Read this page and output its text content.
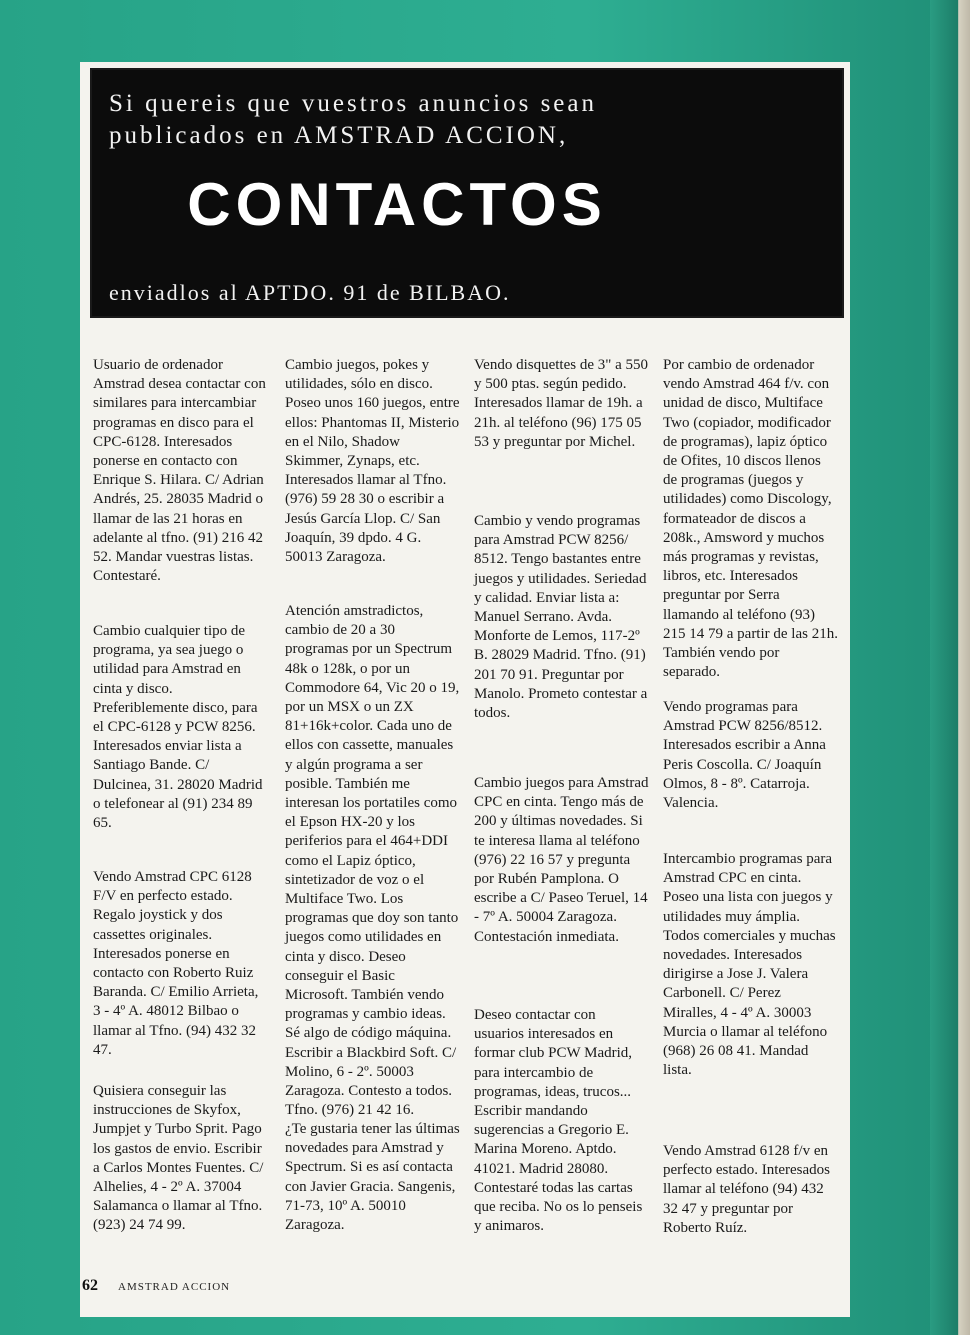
Si quereis que vuestros anuncios sean
publicados en AMSTRAD ACCION,
CONTACTOS
enviadlos al APTDO. 91 de BILBAO.
Usuario de ordenador Amstrad desea contactar con similares para intercambiar programas en disco para el CPC-6128. Interesados ponerse en contacto con Enrique S. Hilara. C/ Adrian Andrés, 25. 28035 Madrid o llamar de las 21 horas en adelante al tfno. (91) 216 42 52. Mandar vuestras listas. Contestaré.
Cambio cualquier tipo de programa, ya sea juego o utilidad para Amstrad en cinta y disco. Preferiblemente disco, para el CPC-6128 y PCW 8256. Interesados enviar lista a Santiago Bande. C/ Dulcinea, 31. 28020 Madrid o telefonear al (91) 234 89 65.
Vendo Amstrad CPC 6128 F/V en perfecto estado. Regalo joystick y dos cassettes originales. Interesados ponerse en contacto con Roberto Ruiz Baranda. C/ Emilio Arrieta, 3 - 4º A. 48012 Bilbao o llamar al Tfno. (94) 432 32 47.
Quisiera conseguir las instrucciones de Skyfox, Jumpjet y Turbo Sprit. Pago los gastos de envio. Escribir a Carlos Montes Fuentes. C/ Alhelies, 4 - 2º A. 37004 Salamanca o llamar al Tfno. (923) 24 74 99.
Cambio juegos, pokes y utilidades, sólo en disco. Poseo unos 160 juegos, entre ellos: Phantomas II, Misterio en el Nilo, Shadow Skimmer, Zynaps, etc. Interesados llamar al Tfno. (976) 59 28 30 o escribir a Jesús García Llop. C/ San Joaquín, 39 dpdo. 4 G. 50013 Zaragoza.
Atención amstradictos, cambio de 20 a 30 programas por un Spectrum 48k o 128k, o por un Commodore 64, Vic 20 o 19, por un MSX o un ZX 81+16k+color. Cada uno de ellos con cassette, manuales y algún programa a ser posible. También me interesan los portatiles como el Epson HX-20 y los periferios para el 464+DDI como el Lapiz óptico, sintetizador de voz o el Multiface Two. Los programas que doy son tanto juegos como utilidades en cinta y disco. Deseo conseguir el Basic Microsoft. También vendo programas y cambio ideas. Sé algo de código máquina. Escribir a Blackbird Soft. C/ Molino, 6 - 2º. 50003 Zaragoza. Contesto a todos. Tfno. (976) 21 42 16.
¿Te gustaria tener las últimas novedades para Amstrad y Spectrum. Si es así contacta con Javier Gracia. Sangenis, 71-73, 10º A. 50010 Zaragoza.
Vendo disquettes de 3" a 550 y 500 ptas. según pedido. Interesados llamar de 19h. a 21h. al teléfono (96) 175 05 53 y preguntar por Michel.
Cambio y vendo programas para Amstrad PCW 8256/ 8512. Tengo bastantes entre juegos y utilidades. Seriedad y calidad. Enviar lista a: Manuel Serrano. Avda. Monforte de Lemos, 117-2º B. 28029 Madrid. Tfno. (91) 201 70 91. Preguntar por Manolo. Prometo contestar a todos.
Cambio juegos para Amstrad CPC en cinta. Tengo más de 200 y últimas novedades. Si te interesa llama al teléfono (976) 22 16 57 y pregunta por Rubén Pamplona. O escribe a C/ Paseo Teruel, 14 - 7º A. 50004 Zaragoza. Contestación inmediata.
Deseo contactar con usuarios interesados en formar club PCW Madrid, para intercambio de programas, ideas, trucos... Escribir mandando sugerencias a Gregorio E. Marina Moreno. Aptdo. 41021. Madrid 28080. Contestaré todas las cartas que reciba. No os lo penseis y animaros.
Por cambio de ordenador vendo Amstrad 464 f/v. con unidad de disco, Multiface Two (copiador, modificador de programas), lapiz óptico de Ofites, 10 discos llenos de programas (juegos y utilidades) como Discology, formateador de discos a 208k., Amsword y muchos más programas y revistas, libros, etc. Interesados preguntar por Serra llamando al teléfono (93) 215 14 79 a partir de las 21h. También vendo por separado.
Vendo programas para Amstrad PCW 8256/8512. Interesados escribir a Anna Peris Coscolla. C/ Joaquín Olmos, 8 - 8º. Catarroja. Valencia.
Intercambio programas para Amstrad CPC en cinta. Poseo una lista con juegos y utilidades muy ámplia. Todos comerciales y muchas novedades. Interesados dirigirse a Jose J. Valera Carbonell. C/ Perez Miralles, 4 - 4º A. 30003 Murcia o llamar al teléfono (968) 26 08 41. Mandad lista.
Vendo Amstrad 6128 f/v en perfecto estado. Interesados llamar al teléfono (94) 432 32 47 y preguntar por Roberto Ruíz.
62 AMSTRAD ACCION
